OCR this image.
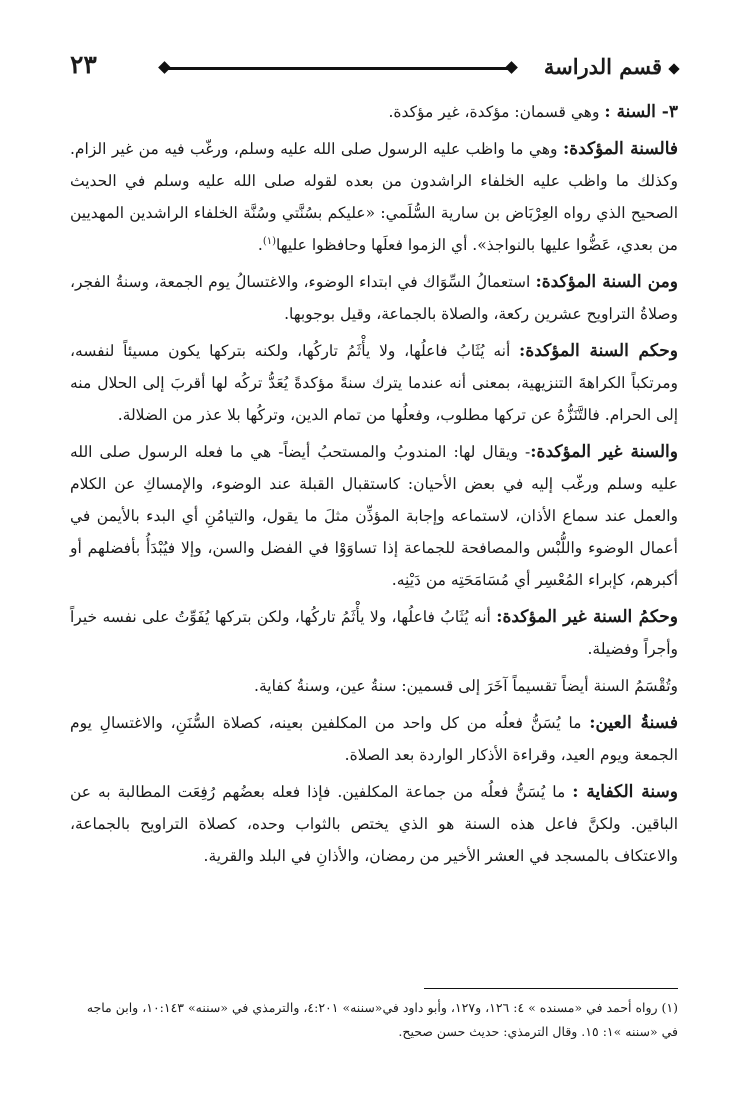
قسم الدراسة
٢٣

٣- السنة : وهي قسمان: مؤكدة، غير مؤكدة.

فالسنة المؤكدة: وهي ما واظب عليه الرسول صلى الله عليه وسلم، ورغّب فيه من غير الزام. وكذلك ما واظب عليه الخلفاء الراشدون من بعده لقوله صلى الله عليه وسلم في الحديث الصحيح الذي رواه العِرْبَاض بن سارية السُّلَمي: «عليكم بسُنَّتي وسُنَّة الخلفاء الراشدين المهديين من بعدي، عَضُّوا عليها بالنواجذ». أي الزموا فعلَها وحافظوا عليها$^{(١)}$.

ومن السنة المؤكدة: استعمالُ السِّوَاك في ابتداء الوضوء، والاغتسالُ يوم الجمعة، وسنةُ الفجر، وصلاةُ التراويح عشرين ركعة، والصلاة بالجماعة، وقيل بوجوبها.

وحكم السنة المؤكدة: أنه يُثَابُ فاعلُها، ولا يأْثَمُ تاركُها، ولكنه بتركها يكون مسيئاً لنفسه، ومرتكباً الكراهةَ التنزيهية، بمعنى أنه عندما يترك سنةً مؤكدةً يُعَدُّ تركُه لها أقربَ إلى الحلال منه إلى الحرام. فالتَّنَزُّهُ عن تركها مطلوب، وفعلُها من تمام الدين، وتركُها بلا عذر من الضلالة.

والسنة غير المؤكدة:- ويقال لها: المندوبُ والمستحبُ أيضاً- هي ما فعله الرسول صلى الله عليه وسلم ورغّب إليه في بعض الأحيان: كاستقبال القبلة عند الوضوء، والإمساكِ عن الكلام والعمل عند سماع الأذان، لاستماعه وإجابة المؤذِّن مثلَ ما يقول، والتيامُنِ أي البدء بالأيمن في أعمال الوضوء واللُّبْس والمصافحة للجماعة إذا تساوَوْا في الفضل والسن، وإلا فيُبْدَأُ بأفضلهم أو أكبرهم، كإبراء المُعْسِر أي مُسَامَحَتِه من دَيْنِه.

وحكمُ السنة غير المؤكدة: أنه يُثَابُ فاعلُها، ولا يأْثَمُ تاركُها، ولكن بتركها يُفَوِّتُ على نفسه خيراً وأجراً وفضيلة.

وتُقْسَمُ السنة أيضاً تقسيماً آخَرَ إلى قسمين: سنةُ عين، وسنةُ كفاية.

فسنةُ العين: ما يُسَنُّ فعلُه من كل واحد من المكلفين بعينه، كصلاة السُّنَنِ، والاغتسالِ يوم الجمعة ويوم العيد، وقراءة الأذكار الواردة بعد الصلاة.

وسنة الكفاية : ما يُسَنُّ فعلُه من جماعة المكلفين. فإذا فعله بعضُهم رُفِعَت المطالبة به عن الباقين. ولكنَّ فاعل هذه السنة هو الذي يختص بالثواب وحده، كصلاة التراويح بالجماعة، والاعتكاف بالمسجد في العشر الأخير من رمضان، والأذانِ في البلد والقرية.

(١) رواه أحمد في «مسنده » ٤: ١٢٦، و١٢٧، وأبو داود في«سننه» ٤:٢٠١، والترمذي في «سننه» ١٠:١٤٣، وابن ماجه في «سننه »١: ١٥. وقال الترمذي: حديث حسن صحيح.
